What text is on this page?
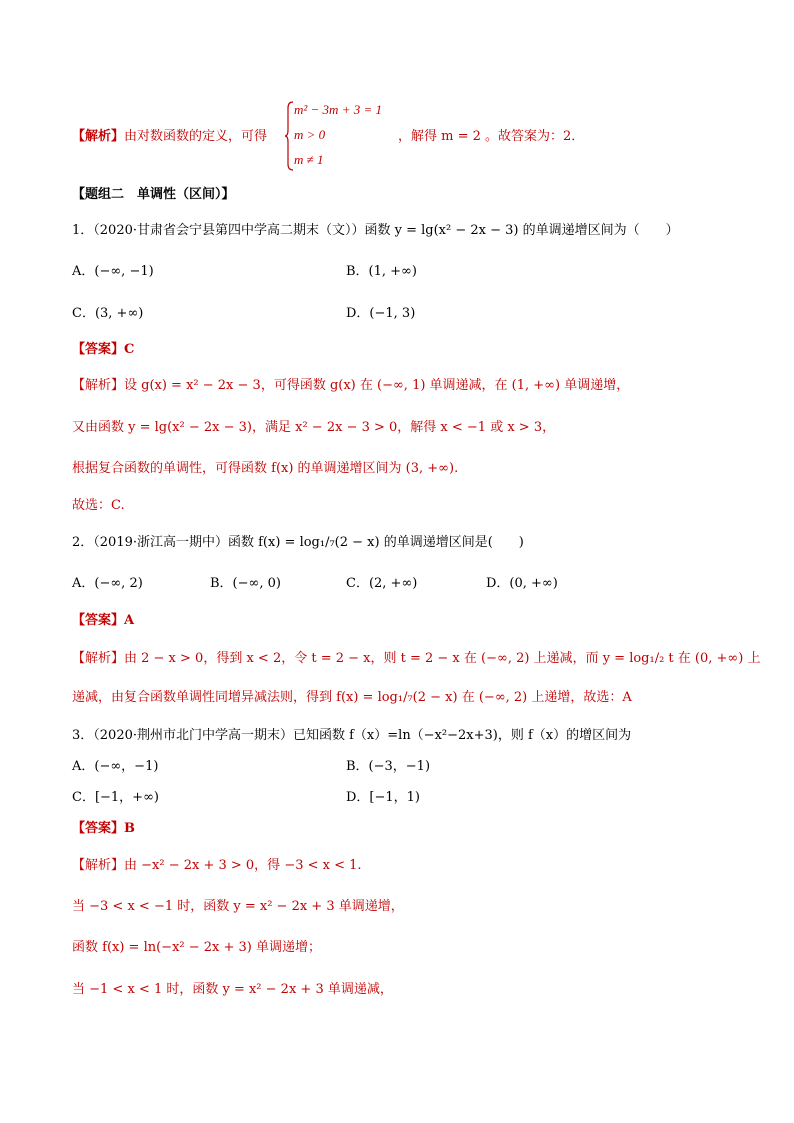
【解析】由对数函数的定义，可得
m² − 3m + 3 = 1
m > 0
m ≠ 1
，解得 m = 2 。故答案为：2．
【题组二　单调性（区间）】
1．（2020·甘肃省会宁县第四中学高二期末（文））函数 y = lg(x² − 2x − 3) 的单调递增区间为（　　）
A．(−∞, −1)	B．(1, +∞)
C．(3, +∞)	D．(−1, 3)
【答案】C
【解析】设 g(x) = x² − 2x − 3，可得函数 g(x) 在 (−∞, 1) 单调递减，在 (1, +∞) 单调递增，
又由函数 y = lg(x² − 2x − 3)，满足 x² − 2x − 3 > 0，解得 x < −1 或 x > 3，
根据复合函数的单调性，可得函数 f(x) 的单调递增区间为 (3, +∞).
故选：C.
2．（2019·浙江高一期中）函数 f(x) = log₁/₇(2 − x) 的单调递增区间是(　　)
A．(−∞, 2)	B．(−∞, 0)	C．(2, +∞)	D．(0, +∞)
【答案】A
【解析】由 2 − x > 0，得到 x < 2，令 t = 2 − x，则 t = 2 − x 在 (−∞, 2) 上递减，而 y = log₁/₂ t 在 (0, +∞) 上
递减，由复合函数单调性同增异减法则，得到 f(x) = log₁/₇(2 − x) 在 (−∞, 2) 上递增，故选：A
3．（2020·荆州市北门中学高一期末）已知函数 f（x）=ln（−x²−2x+3)，则 f（x）的增区间为
A．(−∞，−1)	B．(−3，−1)
C．[−1，+∞)	D．[−1，1)
【答案】B
【解析】由 −x² − 2x + 3 > 0，得 −3 < x < 1.
当 −3 < x < −1 时，函数 y = x² − 2x + 3 单调递增，
函数 f(x) = ln(−x² − 2x + 3) 单调递增；
当 −1 < x < 1 时，函数 y = x² − 2x + 3 单调递减，
